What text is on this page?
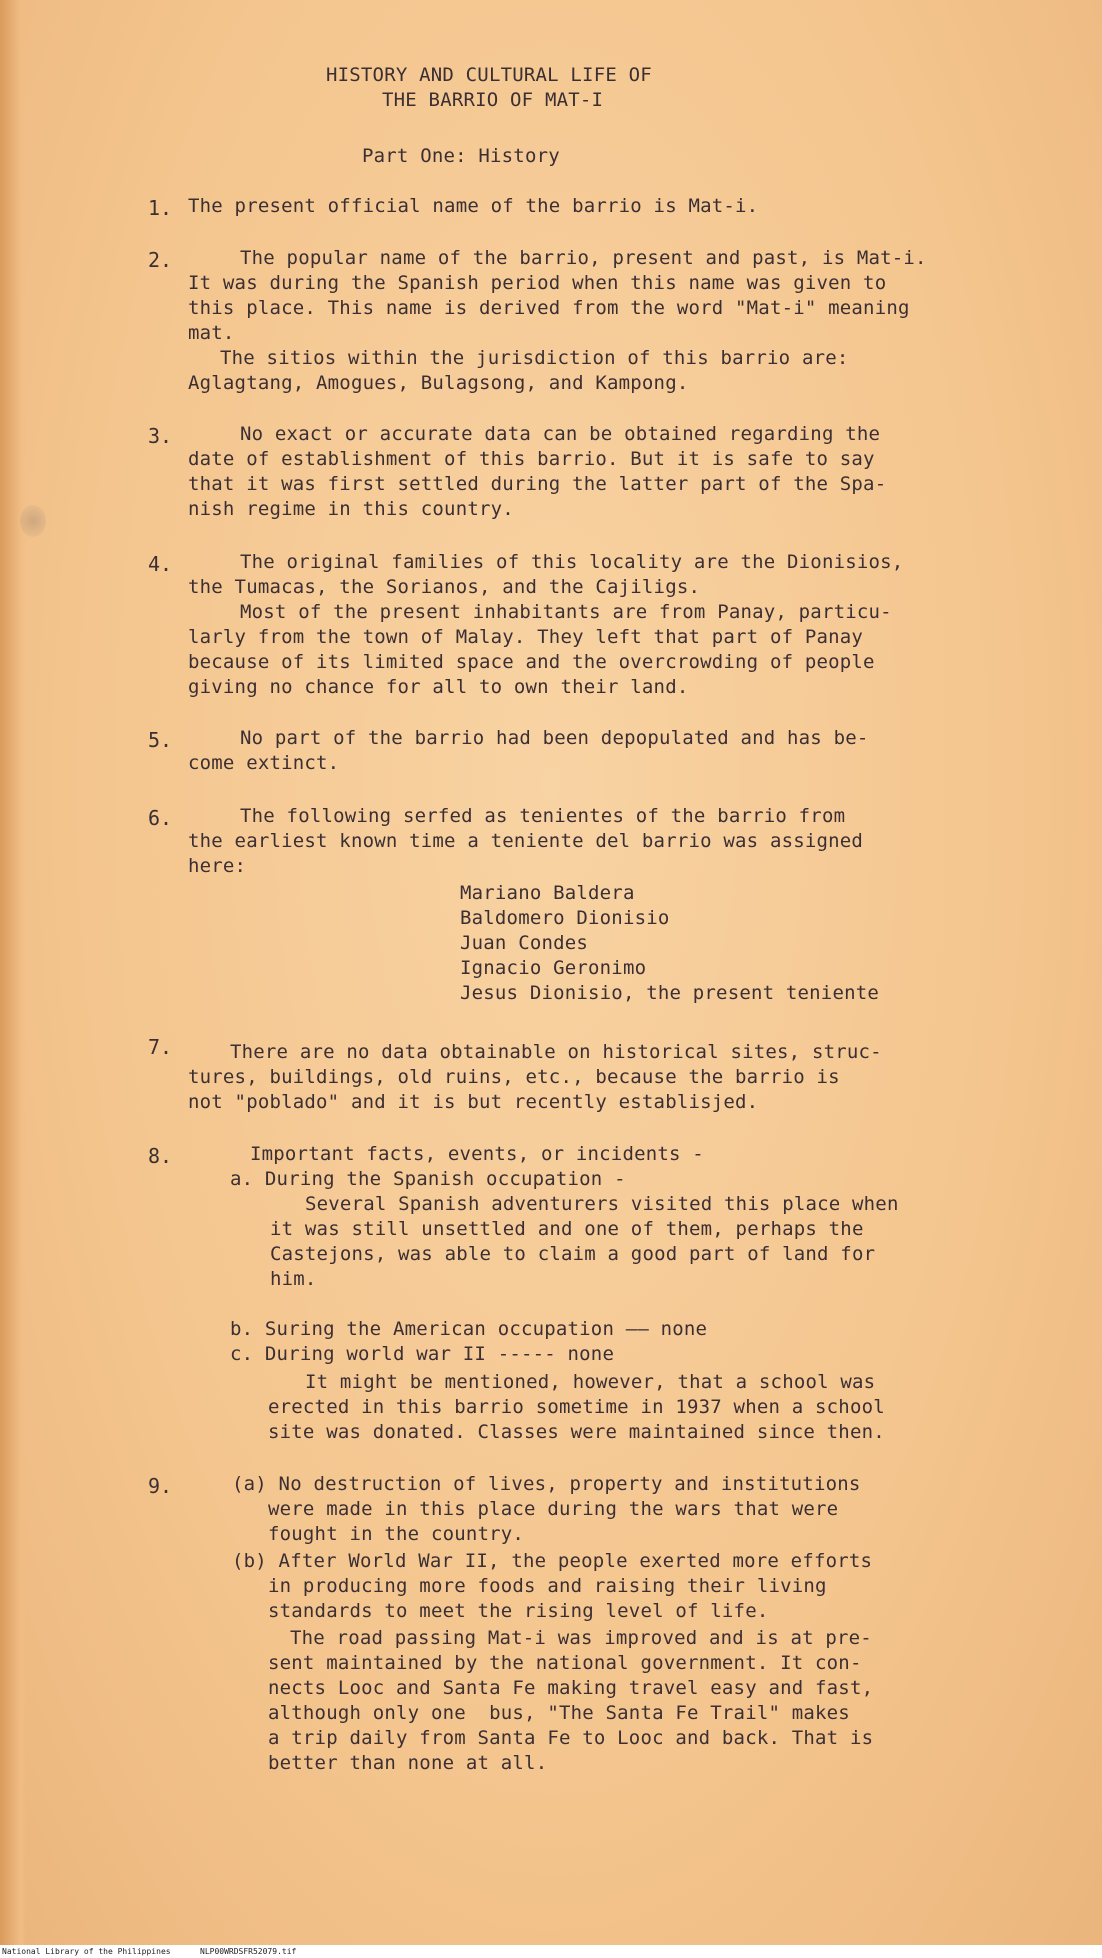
HISTORY AND CULTURAL LIFE OF

THE BARRIO OF MAT-I

Part One: History

1. The present official name of the barrio is Mat-i.

2.	The popular name of the barrio, present and past, is Mat-i.

It was during the Spanish period when this name was given to

this place. This name is derived from the word "Mat-i" meaning

mat.

The sitios within the jurisdiction of this barrio are:

Aglagtang, Amogues, Bulagsong, and Kampong.

3.	No exact or accurate data can be obtained regarding the

date of establishment of this barrio. But it is safe to say

that it was first settled during the latter part of the Spa-

nish regime in this country.

4.	The original families of this locality are the Dionisios,

the Tumacas, the Sorianos, and the Cajiligs.

Most of the present inhabitants are from Panay, particu-

larly from the town of Malay. They left that part of Panay

because of its limited space and the overcrowding of people

giving no chance for all to own their land.

5.	No part of the barrio had been depopulated and has be-

come extinct.

6.	The following serfed as tenientes of the barrio from

the earliest known time a teniente del barrio was assigned

here:

Mariano Baldera

Baldomero Dionisio

Juan Condes

Ignacio Geronimo

Jesus Dionisio, the present teniente

7.	There are no data obtainable on historical sites, struc-

tures, buildings, old ruins, etc., because the barrio is

not "poblado" and it is but recently establisjed.

8.	Important facts, events, or incidents -

a. During the Spanish occupation -

Several Spanish adventurers visited this place when

it was still unsettled and one of them, perhaps the

Castejons, was able to claim a good part of land for

him.

b. Suring the American occupation —— none

c. During world war II ----- none

It might be mentioned, however, that a school was

erected in this barrio sometime in 1937 when a school

site was donated. Classes were maintained since then.

9.	(a) No destruction of lives, property and institutions

were made in this place during the wars that were

fought in the country.

(b) After World War II, the people exerted more efforts

in producing more foods and raising their living

standards to meet the rising level of life.

The road passing Mat-i was improved and is at pre-

sent maintained by the national government. It con-

nects Looc and Santa Fe making travel easy and fast,

although only one  bus, "The Santa Fe Trail" makes

a trip daily from Santa Fe to Looc and back. That is

better than none at all.

National Library of the Philippines	NLP00WRDSFR52079.tif
